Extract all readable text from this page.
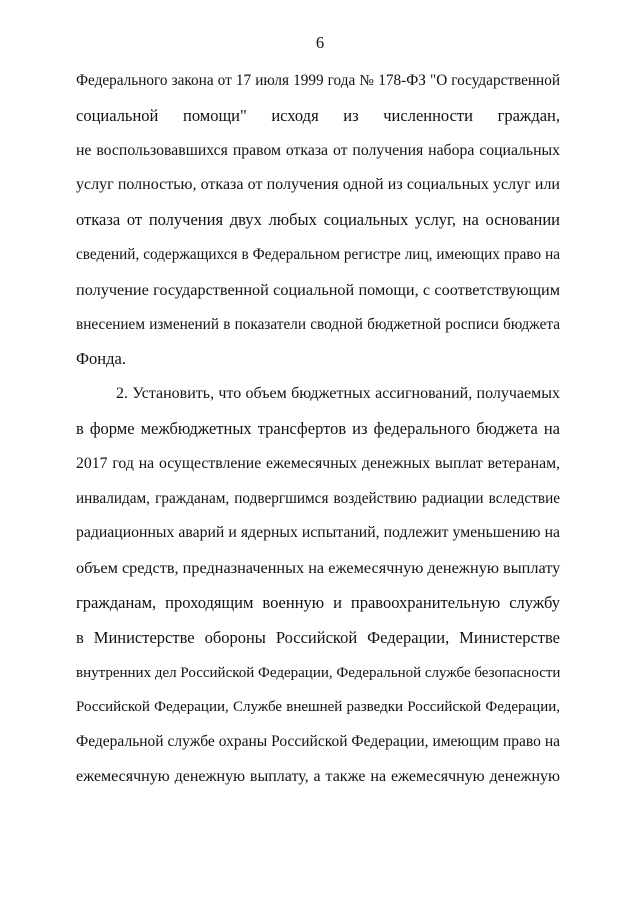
6
Федерального закона от 17 июля 1999 года № 178-ФЗ "О государственной
социальной помощи" исходя из численности граждан,
не воспользовавшихся правом отказа от получения набора социальных
услуг полностью, отказа от получения одной из социальных услуг или
отказа от получения двух любых социальных услуг, на основании
сведений, содержащихся в Федеральном регистре лиц, имеющих право на
получение государственной социальной помощи, с соответствующим
внесением изменений в показатели сводной бюджетной росписи бюджета
Фонда.
2. Установить, что объем бюджетных ассигнований, получаемых
в форме межбюджетных трансфертов из федерального бюджета на
2017 год на осуществление ежемесячных денежных выплат ветеранам,
инвалидам, гражданам, подвергшимся воздействию радиации вследствие
радиационных аварий и ядерных испытаний, подлежит уменьшению на
объем средств, предназначенных на ежемесячную денежную выплату
гражданам, проходящим военную и правоохранительную службу
в Министерстве обороны Российской Федерации, Министерстве
внутренних дел Российской Федерации, Федеральной службе безопасности
Российской Федерации, Службе внешней разведки Российской Федерации,
Федеральной службе охраны Российской Федерации, имеющим право на
ежемесячную денежную выплату, а также на ежемесячную денежную
